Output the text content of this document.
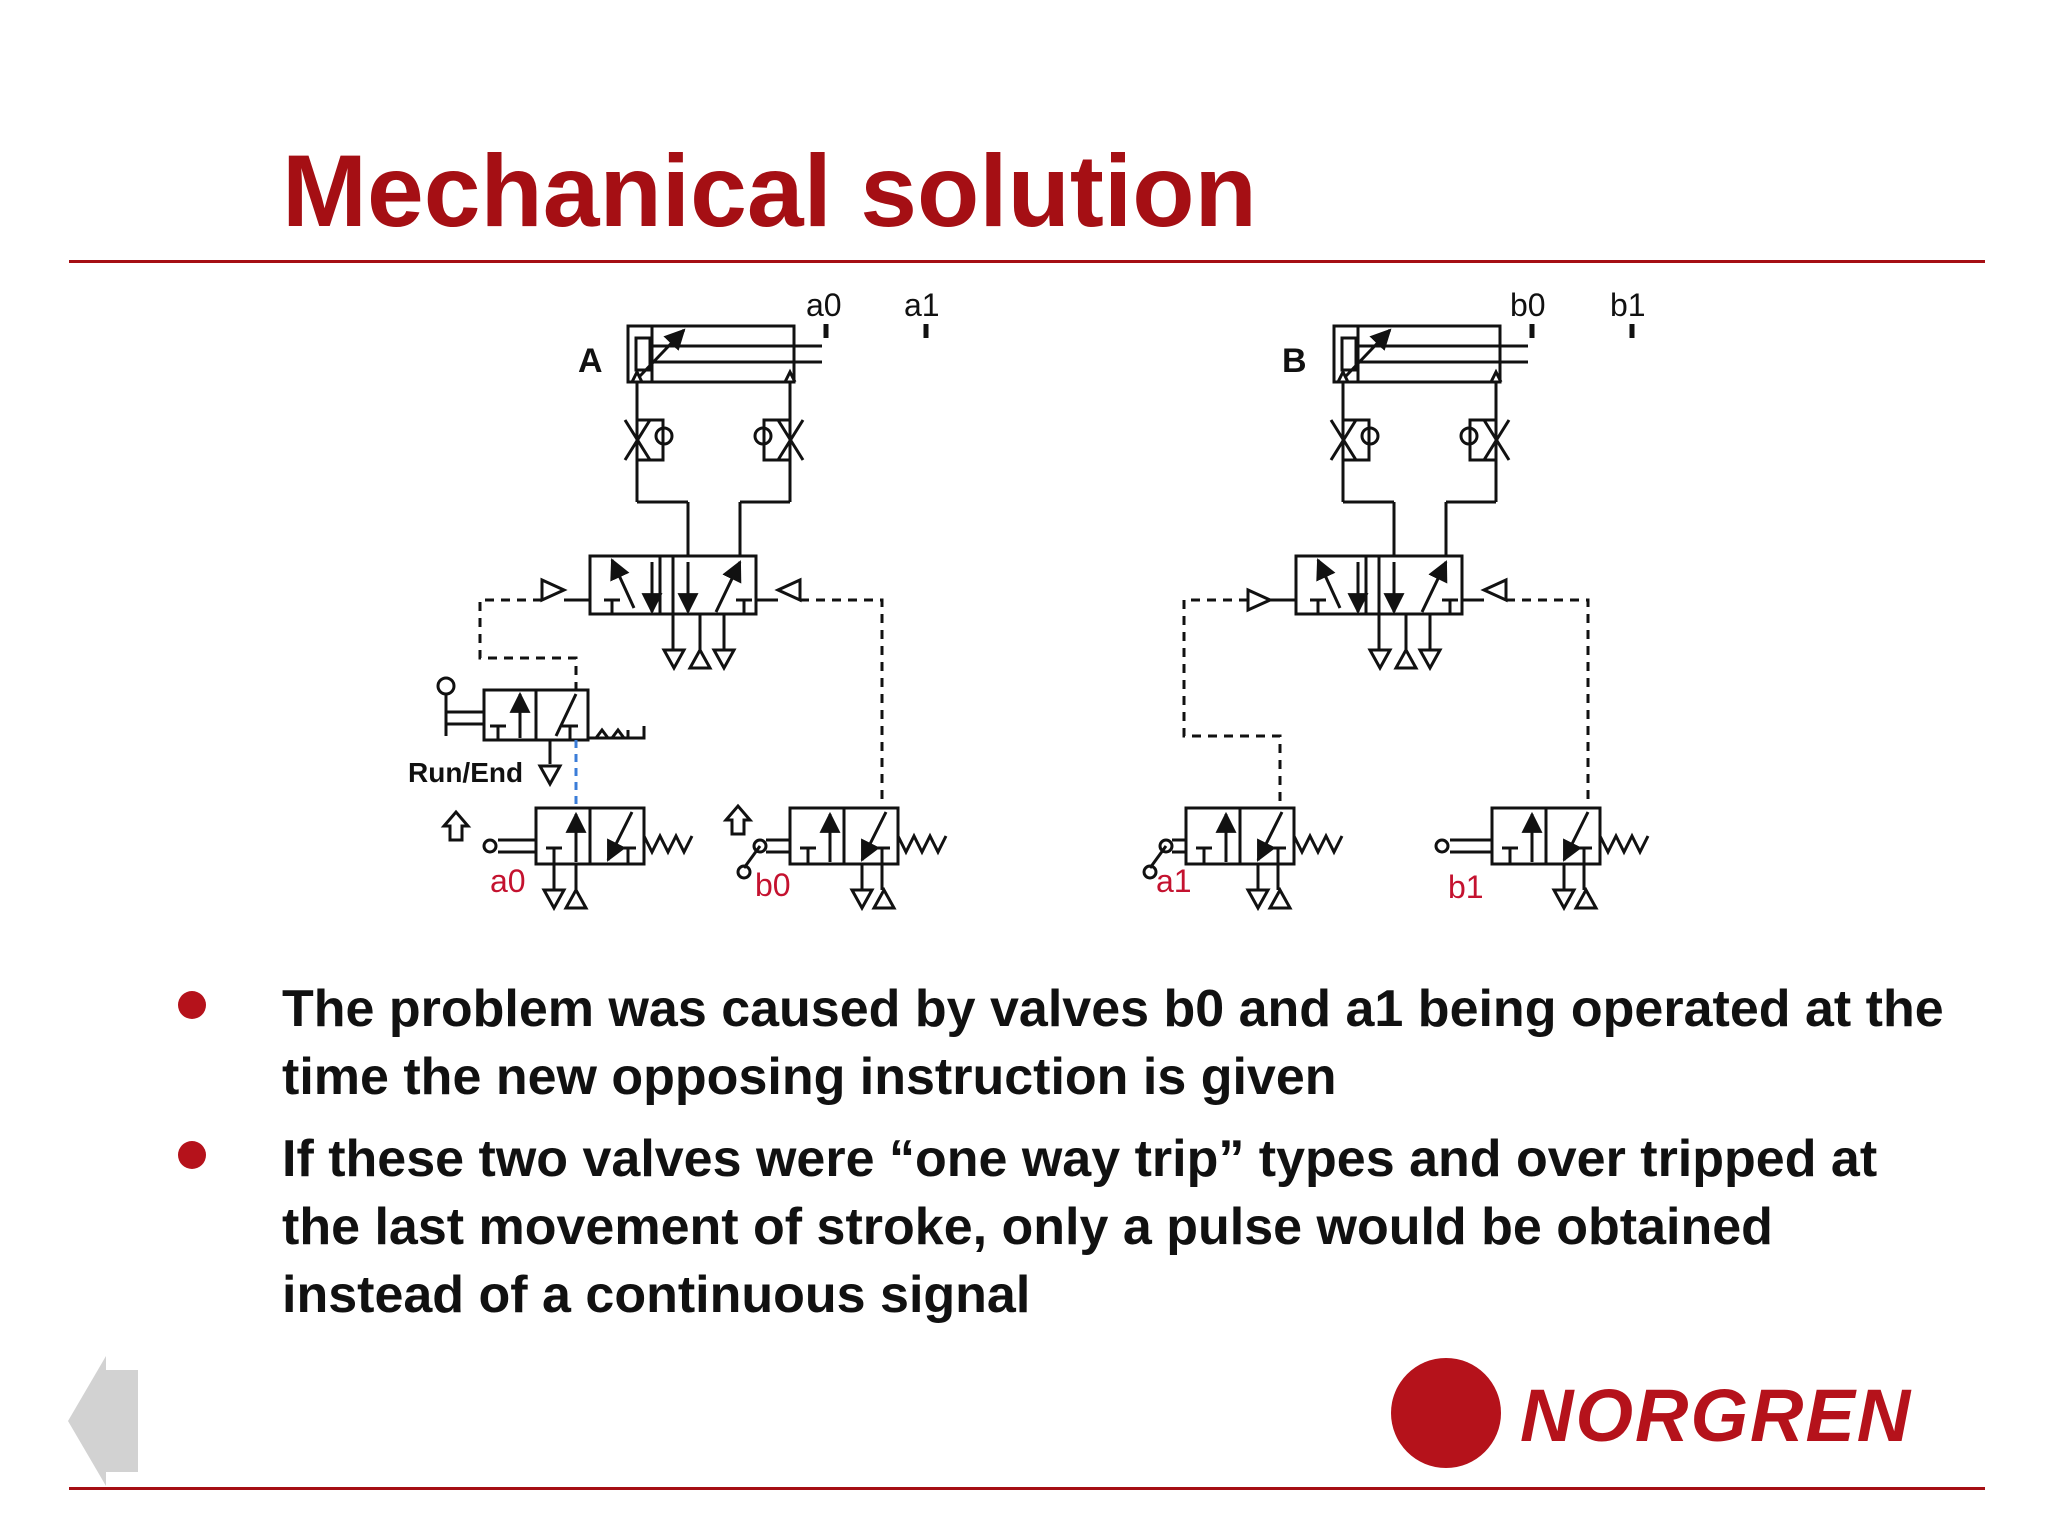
Mechanical solution
A	B
a0 a1	b0 b1
Run/End
a0	b0	a1	b1
The problem was caused by valves b0 and a1 being operated at the time the new opposing instruction is given
If these two valves were “one way trip” types and over tripped at the last movement of stroke, only a pulse would be obtained instead of a continuous signal
NORGREN
